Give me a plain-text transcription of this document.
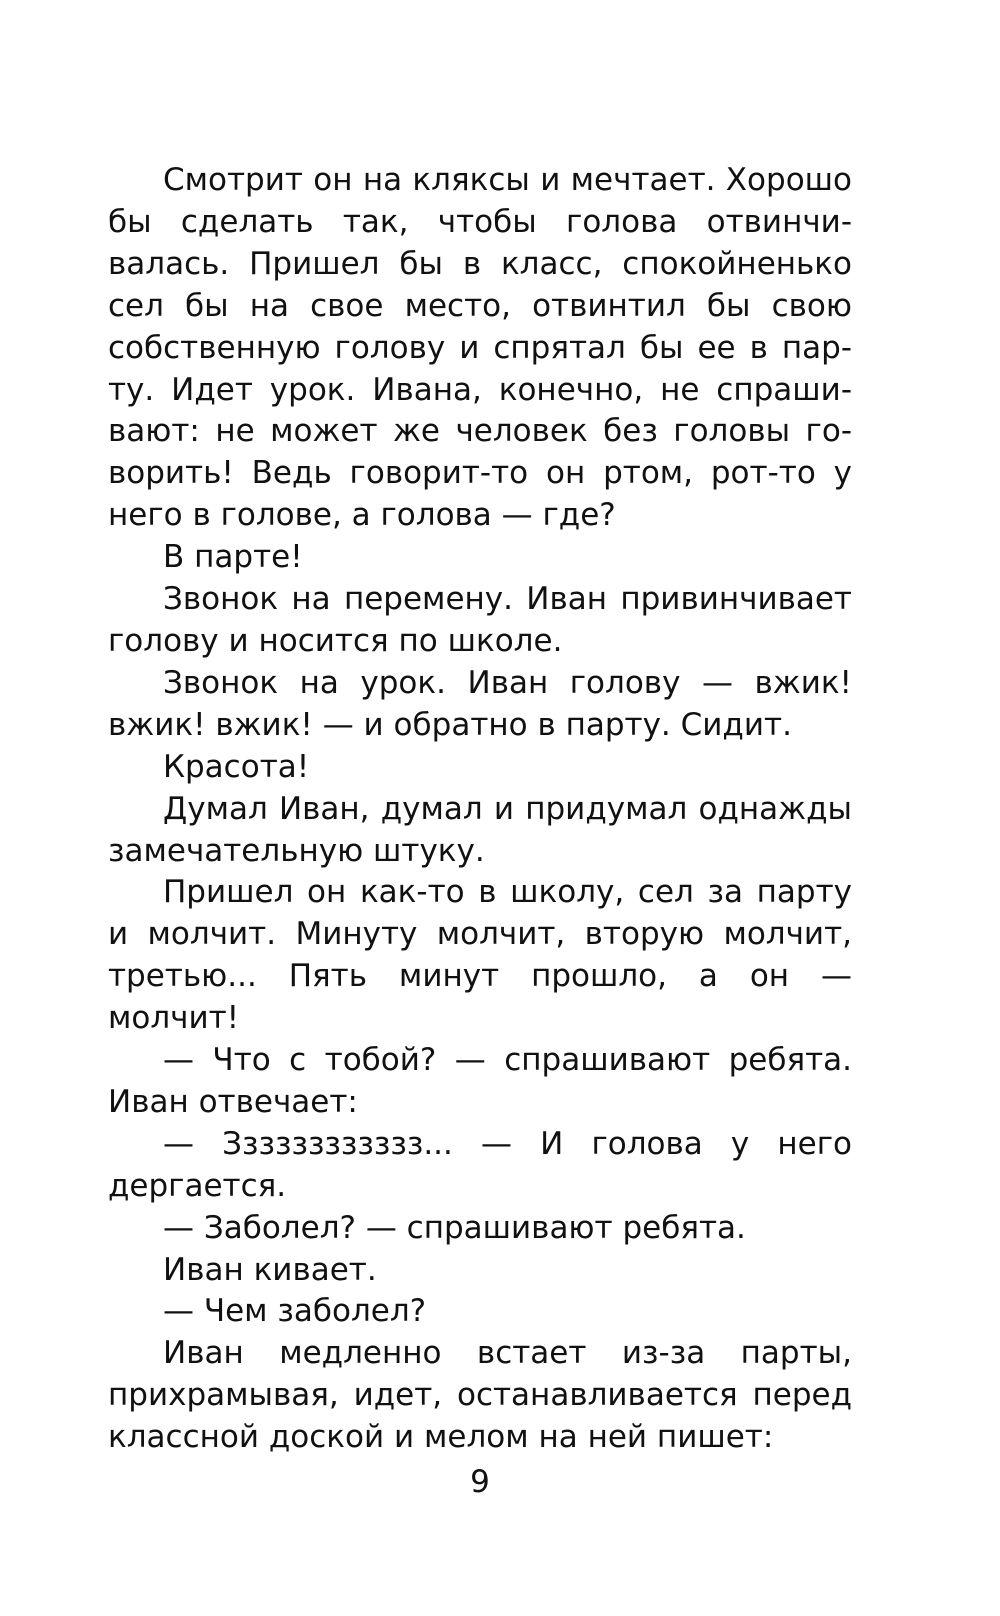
Смотрит он на кляксы и мечтает. Хорошо бы сделать так, чтобы голова отвинчивалась. Пришел бы в класс, спокойненько сел бы на свое место, отвинтил бы свою собственную голову и спрятал бы ее в парту. Идет урок. Ивана, конечно, не спрашивают: не может же человек без головы говорить! Ведь говорит-то он ртом, рот-то у него в голове, а голова — где?

В парте!

Звонок на перемену. Иван привинчивает голову и носится по школе.

Звонок на урок. Иван голову — вжик! вжик! вжик! — и обратно в парту. Сидит.

Красота!

Думал Иван, думал и придумал однажды замечательную штуку.

Пришел он как-то в школу, сел за парту и молчит. Минуту молчит, вторую молчит, третью... Пять минут прошло, а он — молчит!

— Что с тобой? — спрашивают ребята. Иван отвечает:

— Зззззззззззз... — И голова у него дергается.

— Заболел? — спрашивают ребята.

Иван кивает.

— Чем заболел?

Иван медленно встает из-за парты, прихрамывая, идет, останавливается перед классной доской и мелом на ней пишет:

9
